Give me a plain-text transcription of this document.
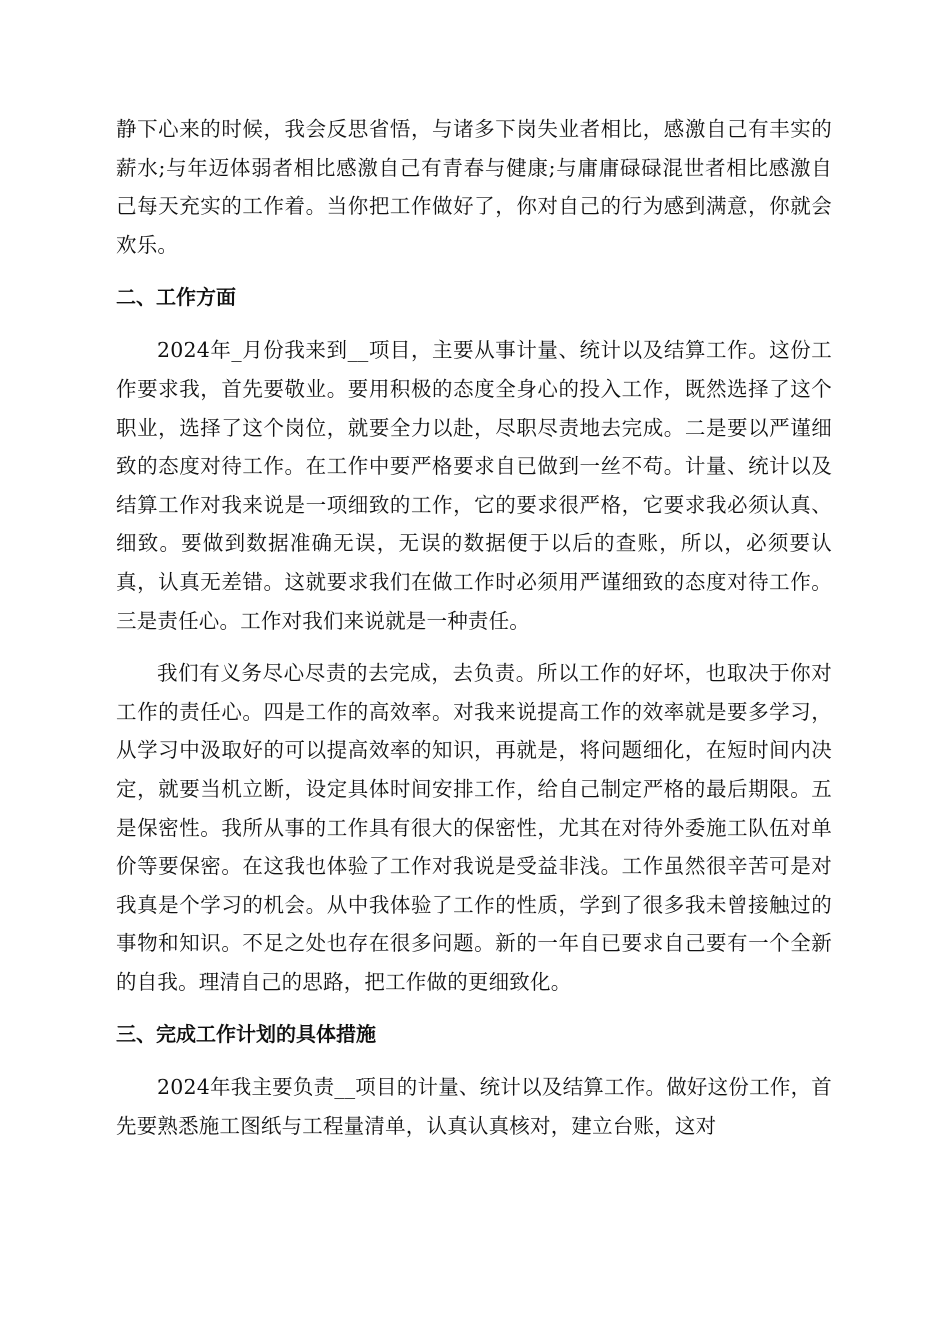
静下心来的时候，我会反思省悟，与诸多下岗失业者相比，感激自己有丰实的薪水;与年迈体弱者相比感激自己有青春与健康;与庸庸碌碌混世者相比感激自己每天充实的工作着。当你把工作做好了，你对自己的行为感到满意，你就会欢乐。

二、工作方面

2024年_月份我来到__项目，主要从事计量、统计以及结算工作。这份工作要求我，首先要敬业。要用积极的态度全身心的投入工作，既然选择了这个职业，选择了这个岗位，就要全力以赴，尽职尽责地去完成。二是要以严谨细致的态度对待工作。在工作中要严格要求自已做到一丝不苟。计量、统计以及结算工作对我来说是一项细致的工作，它的要求很严格，它要求我必须认真、细致。要做到数据准确无误，无误的数据便于以后的查账，所以，必须要认真，认真无差错。这就要求我们在做工作时必须用严谨细致的态度对待工作。三是责任心。工作对我们来说就是一种责任。

我们有义务尽心尽责的去完成，去负责。所以工作的好坏，也取决于你对工作的责任心。四是工作的高效率。对我来说提高工作的效率就是要多学习，从学习中汲取好的可以提高效率的知识，再就是，将问题细化，在短时间内决定，就要当机立断，设定具体时间安排工作，给自己制定严格的最后期限。五是保密性。我所从事的工作具有很大的保密性，尤其在对待外委施工队伍对单价等要保密。在这我也体验了工作对我说是受益非浅。工作虽然很辛苦可是对我真是个学习的机会。从中我体验了工作的性质，学到了很多我未曾接触过的事物和知识。不足之处也存在很多问题。新的一年自已要求自己要有一个全新的自我。理清自己的思路，把工作做的更细致化。

三、完成工作计划的具体措施

2024年我主要负责__项目的计量、统计以及结算工作。做好这份工作，首先要熟悉施工图纸与工程量清单，认真认真核对，建立台账，这对
